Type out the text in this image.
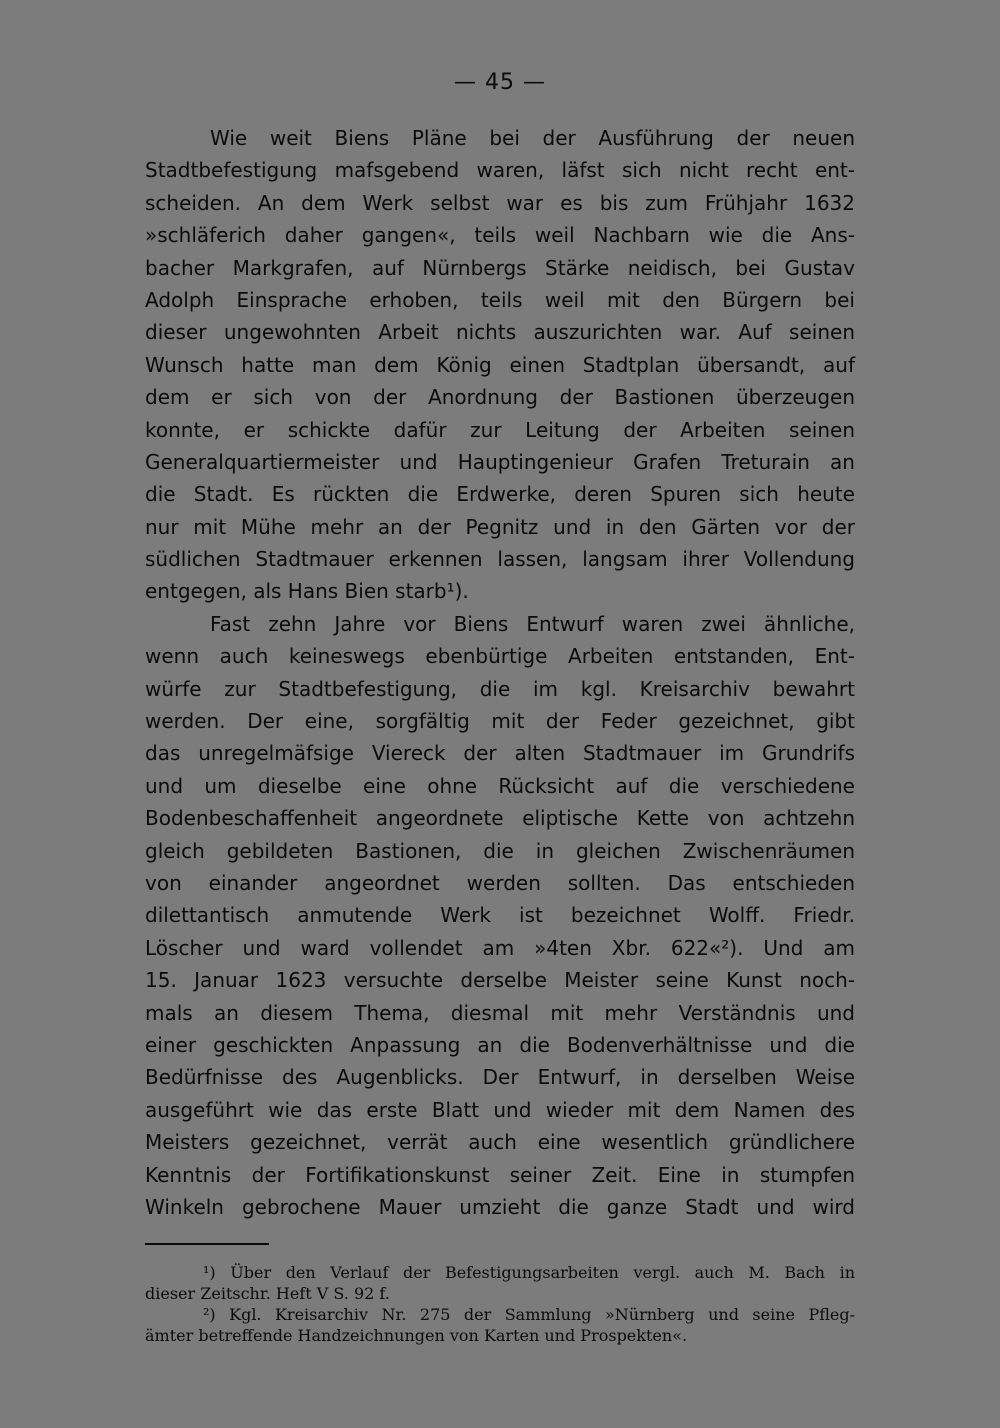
— 45 —
Wie weit Biens Pläne bei der Ausführung der neuen
Stadtbefestigung mafsgebend waren, läfst sich nicht recht ent-
scheiden. An dem Werk selbst war es bis zum Frühjahr 1632
»schläferich daher gangen«, teils weil Nachbarn wie die Ans-
bacher Markgrafen, auf Nürnbergs Stärke neidisch, bei Gustav
Adolph Einsprache erhoben, teils weil mit den Bürgern bei
dieser ungewohnten Arbeit nichts auszurichten war. Auf seinen
Wunsch hatte man dem König einen Stadtplan übersandt, auf
dem er sich von der Anordnung der Bastionen überzeugen
konnte, er schickte dafür zur Leitung der Arbeiten seinen
Generalquartiermeister und Hauptingenieur Grafen Treturain an
die Stadt. Es rückten die Erdwerke, deren Spuren sich heute
nur mit Mühe mehr an der Pegnitz und in den Gärten vor der
südlichen Stadtmauer erkennen lassen, langsam ihrer Vollendung
entgegen, als Hans Bien starb¹).
Fast zehn Jahre vor Biens Entwurf waren zwei ähnliche,
wenn auch keineswegs ebenbürtige Arbeiten entstanden, Ent-
würfe zur Stadtbefestigung, die im kgl. Kreisarchiv bewahrt
werden. Der eine, sorgfältig mit der Feder gezeichnet, gibt
das unregelmäfsige Viereck der alten Stadtmauer im Grundrifs
und um dieselbe eine ohne Rücksicht auf die verschiedene
Bodenbeschaffenheit angeordnete eliptische Kette von achtzehn
gleich gebildeten Bastionen, die in gleichen Zwischenräumen
von einander angeordnet werden sollten. Das entschieden
dilettantisch anmutende Werk ist bezeichnet Wolff. Friedr.
Löscher und ward vollendet am »4ten Xbr. 622«²). Und am
15. Januar 1623 versuchte derselbe Meister seine Kunst noch-
mals an diesem Thema, diesmal mit mehr Verständnis und
einer geschickten Anpassung an die Bodenverhältnisse und die
Bedürfnisse des Augenblicks. Der Entwurf, in derselben Weise
ausgeführt wie das erste Blatt und wieder mit dem Namen des
Meisters gezeichnet, verrät auch eine wesentlich gründlichere
Kenntnis der Fortifikationskunst seiner Zeit. Eine in stumpfen
Winkeln gebrochene Mauer umzieht die ganze Stadt und wird
¹) Über den Verlauf der Befestigungsarbeiten vergl. auch M. Bach in
dieser Zeitschr. Heft V S. 92 f.
²) Kgl. Kreisarchiv Nr. 275 der Sammlung »Nürnberg und seine Pfleg-
ämter betreffende Handzeichnungen von Karten und Prospekten«.
